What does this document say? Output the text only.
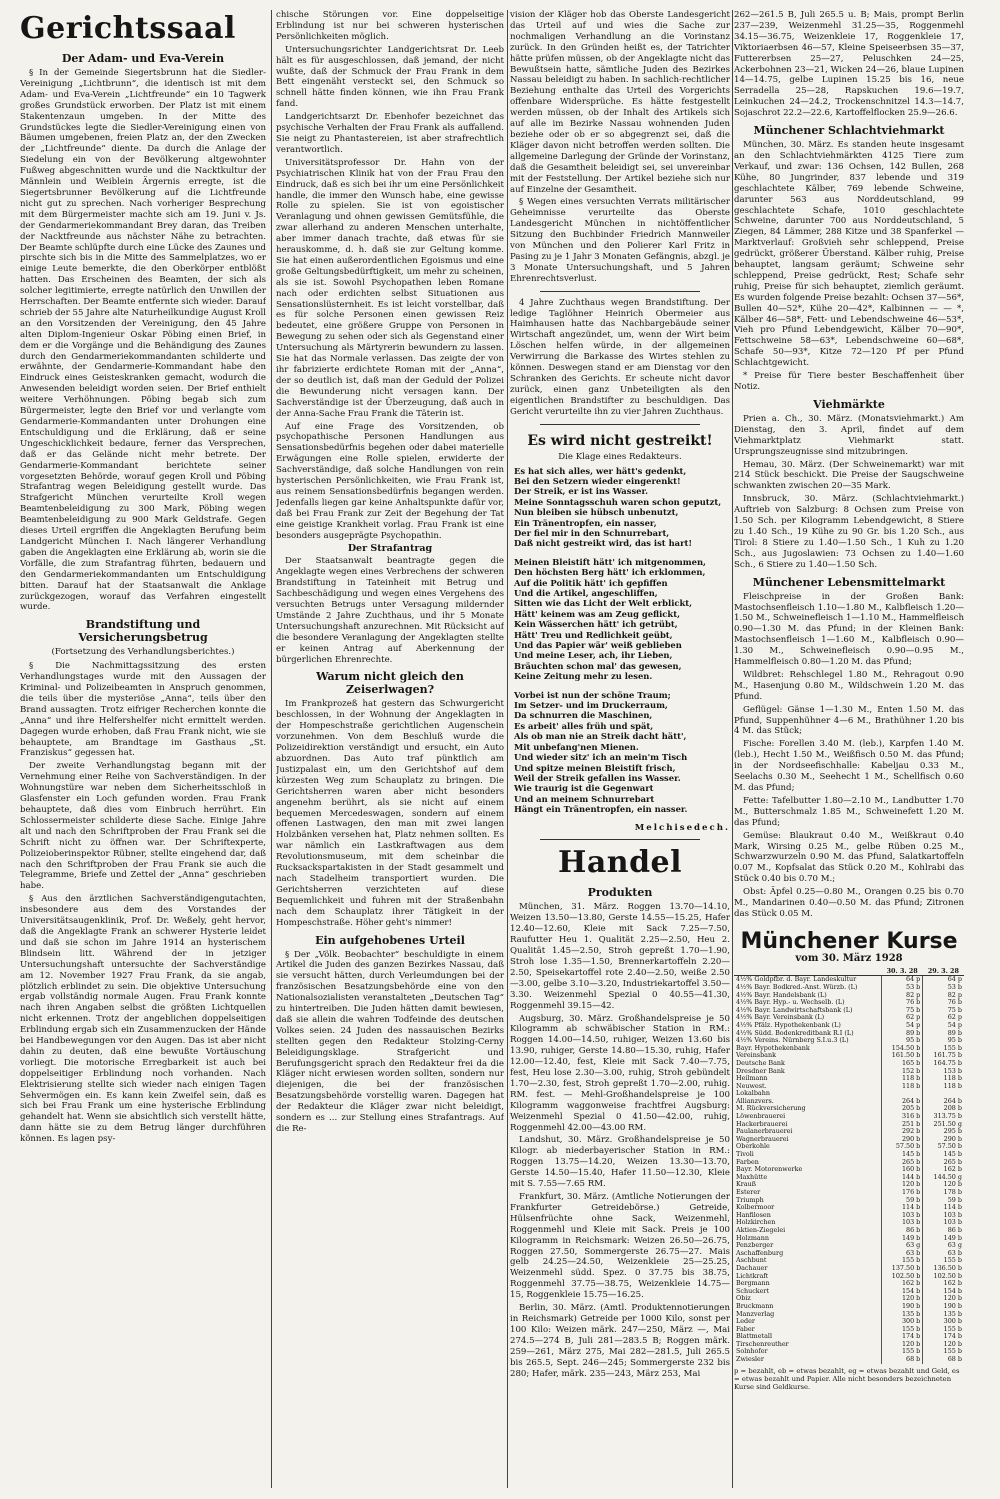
Gerichtssaal
Der Adam- und Eva-Verein

§ In der Gemeinde Siegertsbrunn hat die Siedler-Vereinigung „Lichtbrunn“, die identisch ist mit dem Adam- und Eva-Verein „Lichtfreunde“ ein 10 Tagwerk großes Grundstück erworben. Der Platz ist mit einem Stakentenzaun umgeben. In der Mitte des Grundstückes legte die Siedler-Vereinigung einen von Bäumen umgebenen, freien Platz an, der den Zwecken der „Lichtfreunde“ diente. Da durch die Anlage der Siedelung ein von der Bevölkerung altgewohnter Fußweg abgeschnitten wurde und die Nacktkultur der Männlein und Weiblein Ärgernis erregte, ist die Siegertsbrunner Bevölkerung auf die Lichtfreunde nicht gut zu sprechen. Nach vorheriger Besprechung mit dem Bürgermeister machte sich am 19. Juni v. Js. der Gendarmeriekommandant Brey daran, das Treiben der Nacktfreunde aus nächster Nähe zu betrachten. Der Beamte schlüpfte durch eine Lücke des Zaunes und pirschte sich bis in die Mitte des Sammelplatzes, wo er einige Leute bemerkte, die den Oberkörper entblößt hatten. Das Erscheinen des Beamten, der sich als solcher legitimierte, erregte natürlich den Unwillen der Herrschaften. Der Beamte entfernte sich wieder. Darauf schrieb der 55 Jahre alte Naturheilkundige August Kroll an den Vorsitzenden der Vereinigung, den 45 Jahre alten Diplom-Ingenieur Oskar Pöbing einen Brief, in dem er die Vorgänge und die Behändigung des Zaunes durch den Gendarmeriekommandanten schilderte und erwähnte, der Gendarmerie-Kommandant habe den Eindruck eines Geisteskranken gemacht, wodurch die Anwesenden beleidigt worden seien. Der Brief enthielt weitere Verhöhnungen. Pöbing begab sich zum Bürgermeister, legte den Brief vor und verlangte vom Gendarmerie-Kommandanten unter Drohungen eine Entschuldigung und die Erklärung, daß er seine Ungeschicklichkeit bedaure, ferner das Versprechen, daß er das Gelände nicht mehr betrete. Der Gendarmerie-Kommandant berichtete seiner vorgesetzten Behörde, worauf gegen Kroll und Pöbing Strafantrag wegen Beleidigung gestellt wurde. Das Strafgericht München verurteilte Kroll wegen Beamtenbeleidigung zu 300 Mark, Pöbing wegen Beamtenbeleidigung zu 900 Mark Geldstrafe. Gegen dieses Urteil ergriffen die Angeklagten Berufung beim Landgericht München I. Nach längerer Verhandlung gaben die Angeklagten eine Erklärung ab, worin sie die Vorfälle, die zum Strafantrag führten, bedauern und den Gendarmeriekommandanten um Entschuldigung bitten. Darauf hat der Staatsanwalt die Anklage zurückgezogen, worauf das Verfahren eingestellt wurde.

Brandstiftung und Versicherungsbetrug
(Fortsetzung des Verhandlungsberichtes.)

§ Die Nachmittagssitzung des ersten Verhandlungstages wurde mit den Aussagen der Kriminal- und Polizeibeamten in Anspruch genommen, die teils über die mysteriöse „Anna“, teils über den Brand aussagten. Trotz eifriger Recherchen konnte die „Anna“ und ihre Helfershelfer nicht ermittelt werden. Dagegen wurde erhoben, daß Frau Frank nicht, wie sie behauptete, am Brandtage im Gasthaus „St. Franziskus“ gegessen hat.

Der zweite Verhandlungstag begann mit der Vernehmung einer Reihe von Sachverständigen. In der Wohnungstüre war neben dem Sicherheitsschloß in Glasfenster ein Loch gefunden worden. Frau Frank behauptete, daß dies vom Einbruch herrührt. Ein Schlossermeister schilderte diese Sache. Einige Jahre alt und nach den Schriftproben der Frau Frank sei die Schrift nicht zu öffnen war. Der Schriftexperte, Polizeioberinspektor Rübner, stellte eingehend dar, daß nach den Schriftproben der Frau Frank sie auch die Telegramme, Briefe und Zettel der „Anna“ geschrieben habe.

§ Aus den ärztlichen Sachverständigengutachten, insbesondere aus dem des Vorstandes der Universitätsaugenklinik, Prof. Dr. Weßely, geht hervor, daß die Angeklagte Frank an schwerer Hysterie leidet und daß sie schon im Jahre 1914 an hysterischem Blindsein litt. Während der in jetziger Untersuchungshaft untersuchte der Sachverständige am 12. November 1927 Frau Frank, da sie angab, plötzlich erblindet zu sein. Die objektive Untersuchung ergab vollständig normale Augen. Frau Frank konnte nach ihren Angaben selbst die größten Lichtquellen nicht erkennen. Trotz der angeblichen doppelseitigen Erblindung ergab sich ein Zusammenzucken der Hände bei Handbewegungen vor den Augen. Das ist aber nicht dahin zu deuten, daß eine bewußte Vortäuschung vorliegt. Die motorische Erregbarkeit ist auch bei doppelseitiger Erblindung noch vorhanden. Nach Elektrisierung stellte sich wieder nach einigen Tagen Sehvermögen ein. Es kann kein Zweifel sein, daß es sich bei Frau Frank um eine hysterische Erblindung gehandelt hat. Wenn sie absichtlich sich verstellt hätte, dann hätte sie zu dem Betrug länger durchführen können. Es lagen psy-

chische Störungen vor. Eine doppelseitige Erblindung ist nur bei schweren hysterischen Persönlichkeiten möglich.

Untersuchungsrichter Landgerichtsrat Dr. Leeb hält es für ausgeschlossen, daß jemand, der nicht wußte, daß der Schmuck der Frau Frank in dem Bett eingenäht versteckt sei, den Schmuck so schnell hätte finden können, wie ihn Frau Frank fand.

Landgerichtsarzt Dr. Ebenhofer bezeichnet das psychische Verhalten der Frau Frank als auffallend. Sie neigt zu Phantastereien, ist aber strafrechtlich verantwortlich.

Universitätsprofessor Dr. Hahn von der Psychiatrischen Klinik hat von der Frau Frau den Eindruck, daß es sich bei ihr um eine Persönlichkeit handle, die immer den Wunsch habe, eine gewisse Rolle zu spielen. Sie ist von egoistischer Veranlagung und ohnen gewissen Gemütsfühle, die zwar allerhand zu anderen Menschen unterhalte, aber immer danach trachte, daß etwas für sie herauskomme, d. h. daß sie zur Geltung komme. Sie hat einen außerordentlichen Egoismus und eine große Geltungsbedürftigkeit, um mehr zu scheinen, als sie ist. Sowohl Psychopathen leben Romane nach oder erdichten selbst Situationen aus Sensationslüsternheit. Es ist leicht vorstellbar, daß es für solche Personen einen gewissen Reiz bedeutet, eine größere Gruppe von Personen in Bewegung zu sehen oder sich als Gegenstand einer Untersuchung als Märtyrerin bewundern zu lassen. Sie hat das Normale verlassen. Das zeigte der von ihr fabrizierte erdichtete Roman mit der „Anna“, der so deutlich ist, daß man der Geduld der Polizei die Bewunderung nicht versagen kann. Der Sachverständige ist der Überzeugung, daß auch in der Anna-Sache Frau Frank die Täterin ist.

Auf eine Frage des Vorsitzenden, ob psychopathische Personen Handlungen aus Sensationsbedürfnis begehen oder dabei materielle Erwägungen eine Rolle spielen, erwiderte der Sachverständige, daß solche Handlungen von rein hysterischen Persönlichkeiten, wie Frau Frank ist, aus reinem Sensationsbedürfnis begangen werden. Jedenfalls liegen gar keine Anhaltspunkte dafür vor, daß bei Frau Frank zur Zeit der Begehung der Tat eine geistige Krankheit vorlag. Frau Frank ist eine besonders ausgeprägte Psychopathin.

Der Strafantrag

Der Staatsanwalt beantragte gegen die Angeklagte wegen eines Verbrechens der schweren Brandstiftung in Tateinheit mit Betrug und Sachbeschädigung und wegen eines Vergehens des versuchten Betrugs unter Versagung mildernder Umstände 2 Jahre Zuchthaus, und ihr 5 Monate Untersuchungshaft anzurechnen. Mit Rücksicht auf die besondere Veranlagung der Angeklagten stellte er keinen Antrag auf Aberkennung der bürgerlichen Ehrenrechte.

Warum nicht gleich den Zeiserlwagen?

Im Frankprozeß hat gestern das Schwurgericht beschlossen, in der Wohnung der Angeklagten in der Hompeschstraße gerichtlichen Augenschein vorzunehmen. Von dem Beschluß wurde die Polizeidirektion verständigt und ersucht, ein Auto abzuordnen. Das Auto traf pünktlich am Justizpalast ein, um den Gerichtshof auf dem kürzesten Weg zum Schauplatz zu bringen. Die Gerichtsherren waren aber nicht besonders angenehm berührt, als sie nicht auf einem bequemen Mercedeswagen, sondern auf einem offenen Lastwagen, den man mit zwei langen Holzbänken versehen hat, Platz nehmen sollten. Es war nämlich ein Lastkraftwagen aus dem Revolutionsmuseum, mit dem scheinbar die Rucksackspartakisten in der Stadt gesammelt und nach Stadelheim transportiert wurden. Die Gerichtsherren verzichteten auf diese Bequemlichkeit und fuhren mit der Straßenbahn nach dem Schauplatz ihrer Tätigkeit in der Hompeschstraße. Höher geht's nimmer!

Ein aufgehobenes Urteil

§ Der „Völk. Beobachter“ beschuldigte in einem Artikel die Juden des ganzen Bezirkes Nassau, daß sie versucht hätten, durch Verleumdungen bei der französischen Besatzungsbehörde eine von den Nationalsozialisten veranstalteten „Deutschen Tag“ zu hintertreiben. Die Juden hätten damit bewiesen, daß sie allein die wahren Todfeinde des deutschen Volkes seien. 24 Juden des nassauischen Bezirks stellten gegen den Redakteur Stolzing-Cerny Beleidigungsklage. Strafgericht und Berufungsgericht sprach den Redakteur frei da die Kläger nicht erwiesen worden sollten, sondern nur diejenigen, die bei der französischen Besatzungsbehörde vorstellig waren. Dagegen hat der Redakteur die Kläger zwar nicht beleidigt, sondern es ... zur Stellung eines Strafantrags. Auf die Re-

vision der Kläger hob das Oberste Landesgericht das Urteil auf und wies die Sache zur nochmaligen Verhandlung an die Vorinstanz zurück. In den Gründen heißt es, der Tatrichter hätte prüfen müssen, ob der Angeklagte nicht das Bewußtsein hatte, sämtliche Juden des Bezirkes Nassau beleidigt zu haben. In sachlich-rechtlicher Beziehung enthalte das Urteil des Vorgerichts offenbare Widersprüche. Es hätte festgestellt werden müssen, ob der Inhalt des Artikels sich auf alle im Bezirke Nassau wohnenden Juden beziehe oder ob er so abgegrenzt sei, daß die Kläger davon nicht betroffen werden sollten. Die allgemeine Darlegung der Gründe der Vorinstanz, daß die Gesamtheit beleidigt sei, sei unvereinbar mit der Feststellung. Der Artikel beziehe sich nur auf Einzelne der Gesamtheit.

§ Wegen eines versuchten Verrats militärischer Geheimnisse verurteilte das Oberste Landesgericht München in nichtöffentlicher Sitzung den Buchbinder Friedrich Mannweiler von München und den Polierer Karl Fritz in Pasing zu je 1 Jahr 3 Monaten Gefängnis, abzgl. je 3 Monate Untersuchungshaft, und 5 Jahren Ehrenrechtsverlust.

4 Jahre Zuchthaus wegen Brandstiftung. Der ledige Taglöhner Heinrich Obermeier aus Haimhausen hatte das Nachbargebäude seiner Wirtschaft angezündet, um, wenn der Wirt beim Löschen helfen würde, in der allgemeinen Verwirrung die Barkasse des Wirtes stehlen zu können. Deswegen stand er am Dienstag vor den Schranken des Gerichts. Er scheute nicht davor zurück, einen ganz Unbeteiligten als den eigentlichen Brandstifter zu beschuldigen. Das Gericht verurteilte ihn zu vier Jahren Zuchthaus.

Es wird nicht gestreikt!
Die Klage eines Redakteurs.
Es hat sich alles, wer hätt's gedenkt,
Bei den Setzern wieder eingerenkt!
Der Streik, er ist ins Wasser.
Meine Sonntagsschuh waren schon geputzt,
Nun bleiben sie hübsch unbenutzt,
Ein Tränentropfen, ein nasser,
Der fiel mir in den Schnurrebart,
Daß nicht gestreikt wird, das ist hart!
Meinen Bleistift hätt' ich mitgenommen,
Den höchsten Berg hätt' ich erklommen,
Auf die Politik hätt' ich gepfiffen
Und die Artikel, angeschliffen,
Sitten wie das Licht der Welt erblickt,
Hätt' keinem was am Zeug geflickt,
Kein Wässerchen hätt' ich getrübt,
Hätt' Treu und Redlichkeit geübt,
Und das Papier wär' weiß geblieben
Und meine Leser, ach, ihr Lieben,
Bräuchten schon mal' das gewesen,
Keine Zeitung mehr zu lesen.
Vorbei ist nun der schöne Traum;
Im Setzer- und im Druckerraum,
Da schnurren die Maschinen,
Es arbeit' alles früh und spät,
Als ob man nie an Streik dacht hätt',
Mit unbefang'nen Mienen.
Und wieder sitz' ich an mein'm Tisch
Und spitze meinen Bleistift frisch,
Weil der Streik gefallen ins Wasser.
Wie traurig ist die Gegenwart
Und an meinem Schnurrebart
Hängt ein Tränentropfen, ein nasser.
Melchisedech.
Handel
Produkten

München, 31. März. Roggen 13.70—14.10, Weizen 13.50—13.80, Gerste 14.55—15.25, Hafer 12.40—12.60, Kleie mit Sack 7.25—7.50, Raufutter Heu 1. Qualität 2.25—2.50, Heu 2. Qualität 1.45—2.50, Stroh gepreßt 1.70—1.90, Stroh lose 1.35—1.50, Brennerkartoffeln 2.20—2.50, Speisekartoffel rote 2.40—2.50, weiße 2.50—3.00, gelbe 3.10—3.20, Industriekartoffel 3.50—3.30. Weizenmehl Spezial 0 40.55—41.30, Roggenmehl 39.15—42.

Augsburg, 30. März. Großhandelspreise je 50 Kilogramm ab schwäbischer Station in RM.: Roggen 14.00—14.50, ruhiger, Weizen 13.60 bis 13.90, ruhiger, Gerste 14.80—15.30, ruhig, Hafer 12.00—12.40, fest, Kleie mit Sack 7.40—7.75, fest, Heu lose 2.30—3.00, ruhig, Stroh gebündelt 1.70—2.30, fest, Stroh gepreßt 1.70—2.00, ruhig. RM. fest. — Mehl-Großhandelspreise je 100 Kilogramm waggonweise frachtfrei Augsburg: Weizenmehl Spezial 0 41.50—42.00, ruhig, Roggenmehl 42.00—43.00 RM.

Landshut, 30. März. Großhandelspreise je 50 Kilogr. ab niederbayerischer Station in RM.: Roggen 13.75—14.20, Weizen 13.30—13.70, Gerste 14.50—15.40, Hafer 11.50—12.30, Kleie mit S. 7.55—7.65 RM.

Frankfurt, 30. März. (Amtliche Notierungen der Frankfurter Getreidebörse.) Getreide, Hülsenfrüchte ohne Sack, Weizenmehl, Roggenmehl und Kleie mit Sack. Preis je 100 Kilogramm in Reichsmark: Weizen 26.50—26.75, Roggen 27.50, Sommergerste 26.75—27. Mais gelb 24.25—24.50, Weizenkleie 25—25.25, Weizenmehl südd. Spez. 0 37.75 bis 38.75, Roggenmehl 37.75—38.75, Weizenkleie 14.75—15, Roggenkleie 15.75—16.25.

Berlin, 30. März. (Amtl. Produktennotierungen in Reichsmark) Getreide per 1000 Kilo, sonst per 100 Kilo: Weizen märk. 247—250, März —, Mai 274.5—274 B, Juli 281—283.5 B; Roggen märk. 259—261, März 275, Mai 282—281.5, Juli 265.5 bis 265.5, Sept. 246—245; Sommergerste 232 bis 280; Hafer, märk. 235—243, März 253, Mai

262—261.5 B, Juli 265.5 u. B; Mais, prompt Berlin 237—239, Weizenmehl 31.25—35, Roggenmehl 34.15—36.75, Weizenkleie 17, Roggenkleie 17, Viktoriaerbsen 46—57, Kleine Speiseerbsen 35—37, Futtererbsen 25—27, Peluschken 24—25, Ackerbohnen 23—21, Wicken 24—26, blaue Lupinen 14—14.75, gelbe Lupinen 15.25 bis 16, neue Serradella 25—28, Rapskuchen 19.6—19.7, Leinkuchen 24—24.2, Trockenschnitzel 14.3—14.7, Sojaschrot 22.2—22.6, Kartoffelflocken 25.9—26.6.

Münchener Schlachtviehmarkt

München, 30. März. Es standen heute insgesamt an den Schlachtviehmärkten 4125 Tiere zum Verkauf, und zwar: 136 Ochsen, 142 Bullen, 268 Kühe, 80 Jungrinder, 837 lebende und 319 geschlachtete Kälber, 769 lebende Schweine, darunter 563 aus Norddeutschland, 99 geschlachtete Schafe, 1010 geschlachtete Schweine, darunter 700 aus Norddeutschland, 5 Ziegen, 84 Lämmer, 288 Kitze und 38 Spanferkel — Marktverlauf: Großvieh sehr schleppend, Preise gedrückt, größerer Überstand. Kälber ruhig, Preise behauptet, langsam geräumt; Schweine sehr schleppend, Preise gedrückt, Rest; Schafe sehr ruhig, Preise für sich behauptet, ziemlich geräumt. Es wurden folgende Preise bezahlt: Ochsen 37—56*, Bullen 40—52*, Kühe 20—42*, Kalbinnen — — *, Kälber 46—58*, Fett- und Lebendschweine 46—53*, Vieh pro Pfund Lebendgewicht, Kälber 70—90*, Fettschweine 58—63*, Lebendschweine 60—68*, Schafe 50—93*, Kitze 72—120 Pf per Pfund Schlachtgewicht.

* Preise für Tiere bester Beschaffenheit über Notiz.

Viehmärkte

Prien a. Ch., 30. März. (Monatsviehmarkt.) Am Dienstag, den 3. April, findet auf dem Viehmarktplatz Viehmarkt statt. Ursprungszeugnisse sind mitzubringen.

Hemau, 30. März. (Der Schweinemarkt) war mit 214 Stück beschickt. Die Preise der Saugschweine schwankten zwischen 20—35 Mark.

Innsbruck, 30. März. (Schlachtviehmarkt.) Auftrieb von Salzburg: 8 Ochsen zum Preise von 1.50 Sch. per Kilogramm Lebendgewicht, 8 Stiere zu 1.40 Sch., 19 Kühe zu 90 Gr. bis 1.20 Sch., aus Tirol: 8 Stiere zu 1.40—1.50 Sch., 1 Kuh zu 1.20 Sch., aus Jugoslawien: 73 Ochsen zu 1.40—1.60 Sch., 6 Stiere zu 1.40—1.50 Sch.

Münchener Lebensmittelmarkt

Fleischpreise in der Großen Bank: Mastochsenfleisch 1.10—1.80 M., Kalbfleisch 1.20—1.50 M., Schweinefleisch 1—1.10 M., Hammelfleisch 0.90—1.30 M. das Pfund; in der Kleinen Bank: Mastochsenfleisch 1—1.60 M., Kalbfleisch 0.90—1.30 M., Schweinefleisch 0.90—0.95 M., Hammelfleisch 0.80—1.20 M. das Pfund;

Wildbret: Rehschlegel 1.80 M., Rehragout 0.90 M., Hasenjung 0.80 M., Wildschwein 1.20 M. das Pfund.

Geflügel: Gänse 1—1.30 M., Enten 1.50 M. das Pfund, Suppenhühner 4—6 M., Brathühner 1.20 bis 4 M. das Stück;

Fische: Forellen 3.40 M. (leb.), Karpfen 1.40 M. (leb.), Hecht 1.50 M., Weißfisch 0.50 M. das Pfund; in der Nordseefischhalle: Kabeljau 0.33 M., Seelachs 0.30 M., Seehecht 1 M., Schellfisch 0.60 M. das Pfund;

Fette: Tafelbutter 1.80—2.10 M., Landbutter 1.70 M., Butterschmalz 1.85 M., Schweinefett 1.20 M. das Pfund;

Gemüse: Blaukraut 0.40 M., Weißkraut 0.40 Mark, Wirsing 0.25 M., gelbe Rüben 0.25 M., Schwarzwurzeln 0.90 M. das Pfund, Salatkartoffeln 0.07 M., Kopfsalat das Stück 0.20 M., Kohlrabi das Stück 0.40 bis 0.70 M.;

Obst: Äpfel 0.25—0.80 M., Orangen 0.25 bis 0.70 M., Mandarinen 0.40—0.50 M. das Pfund; Zitronen das Stück 0.05 M.

Münchener Kurse
vom 30. März 1928
	30. 3. 28	29. 3. 28
4½% Goldpfbr. d. Bayr. Landeskultur	64 p	64 p
4½% Bayr. Bodkred.-Anst. Würzb. (L)	53 b	53 b
4½% Bayr. Handelsbank (L)	82 p	82 p
4½% Bayr. Hyp.- u. Wechselb. (L)	76 b	76 b
4½% Bayr. Landwirtschaftsbank (L)	75 b	75 b
4½% Bayr. Vereinsbank (L)	62 p	62 p
4½% Pfälz. Hypothekenbank (L)	54 p	54 p
4½% Südd. Bodenkreditbank R.I (L)	89 b	89 b
4½% Vereins. Nürnberg S.I.u.3 (L)	95 b	95 b
Bayr. Hypothekenbank	154.50 b	155 b
Vereinsbank	161.50 b	161.75 b
Deutsche Bank	165 b	164.75 b
Dresdner Bank	152 b	153 b
Heilmann	118 b	118 b
Neuwest.	118 b	118 b
Lokalbahn		
Allianzvers.	264 b	264 b
M. Rückversicherung	205 b	208 b
Löwenbrauerei	316 b	313.75 b
Hackerbrauerei	251 b	251.50 g
Paulanerbrauerei	292 b	295 b
Wagnerbrauerei	290 b	290 b
Oberkohle	57.50 b	57.50 b
Tivoli	145 b	145 b
Farben	265 b	265 b
Bayr. Motorenwerke	160 b	162 b
Maxhütte	144 b	144.50 g
Krauß	120 b	120 b
Esterer	176 b	178 b
Triumph	59 b	59 b
Kolbermoor	114 b	114 b
Hanfilosen	103 b	103 b
Holzkirchen	103 b	103 b
Aktien-Ziegelei	86 b	86 b
Holzmann	149 b	149 b
Penzberger	63 g	63 g
Aschaffenburg	63 b	63 b
Aschbunt	155 b	155 b
Dachauer	137.50 b	136.50 b
Lichtkraft	102.50 b	102.50 b
Bergmann	162 b	162 b
Schuckert	154 b	154 b
Obiz	120 b	120 b
Bruckmann	190 b	190 b
Manzverlag	135 b	135 b
Leder	300 b	300 b
Faber	155 b	155 b
Blattmetall	174 b	174 b
Tirschenreuther	120 b	120 b
Solnhofer	155 b	155 b
Zwiesler	68 b	68 b
p = bezahlt, eb = etwas bezahlt, eg = etwas bezahlt und Geld, es = etwas bezahlt und Papier. Alle nicht besonders bezeichneten Kurse sind Geldkurse.
